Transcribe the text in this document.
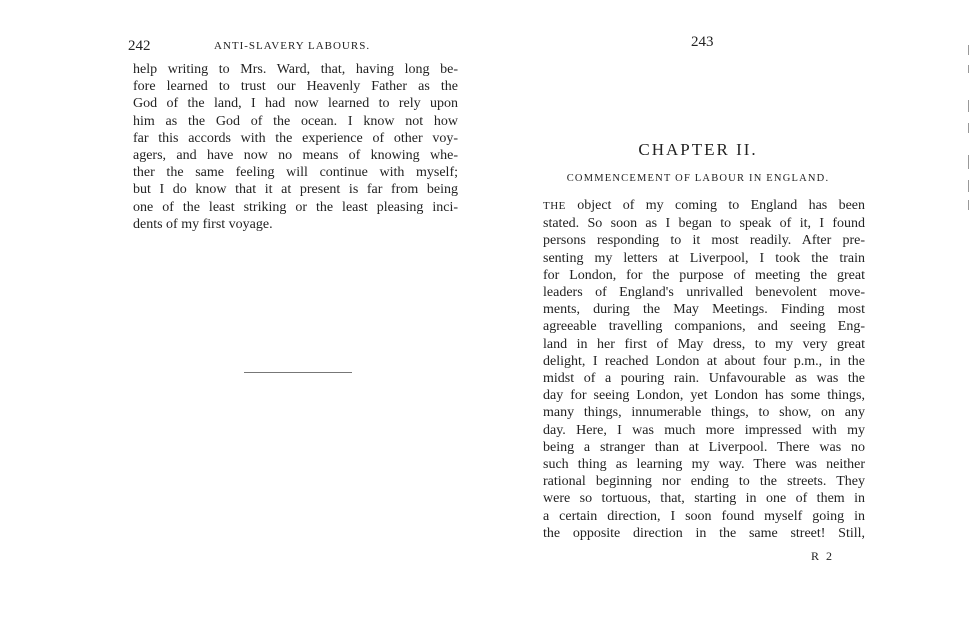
242	ANTI-SLAVERY LABOURS.

help writing to Mrs. Ward, that, having long be-
fore learned to trust our Heavenly Father as the
God of the land, I had now learned to rely upon
him as the God of the ocean. I know not how
far this accords with the experience of other voy-
agers, and have now no means of knowing whe-
ther the same feeling will continue with myself;
but I do know that it at present is far from being
one of the least striking or the least pleasing inci-
dents of my first voyage.

243
CHAPTER II.
COMMENCEMENT OF LABOUR IN ENGLAND.

THE object of my coming to England has been
stated. So soon as I began to speak of it, I found
persons responding to it most readily. After pre-
senting my letters at Liverpool, I took the train
for London, for the purpose of meeting the great
leaders of England's unrivalled benevolent move-
ments, during the May Meetings. Finding most
agreeable travelling companions, and seeing Eng-
land in her first of May dress, to my very great
delight, I reached London at about four p.m., in the
midst of a pouring rain. Unfavourable as was the
day for seeing London, yet London has some things,
many things, innumerable things, to show, on any
day. Here, I was much more impressed with my
being a stranger than at Liverpool. There was no
such thing as learning my way. There was neither
rational beginning nor ending to the streets. They
were so tortuous, that, starting in one of them in
a certain direction, I soon found myself going in
the opposite direction in the same street! Still,

R 2
